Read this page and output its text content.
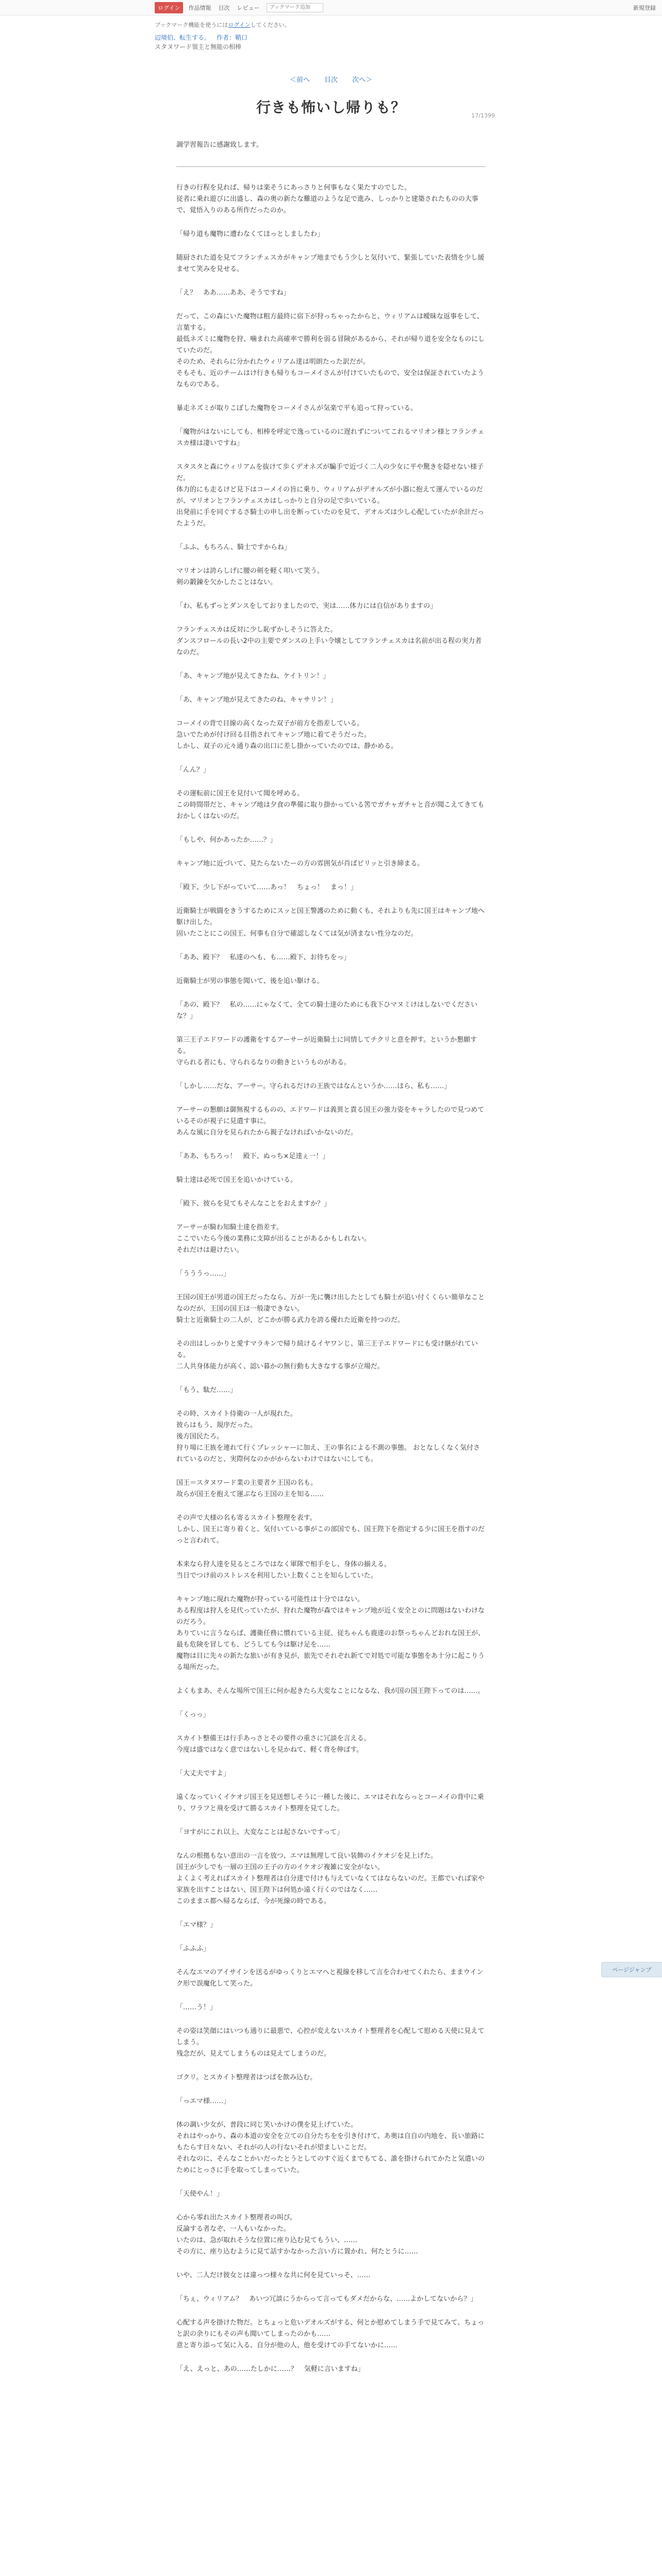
ログイン	作品情報 目次 レビュー
ブックマーク追加	新規登録
ブックマーク機能を使うにはログインしてください。
辺境伯、転生する。　 作者：鞘口
スタヌワード領主と無能の相棒
＜前へ 目次 次へ＞
17/1399
行きも怖いし帰りも？

調学習報告に感謝致します。

行きの行程を見れば、帰りは楽そうにあっさりと何事もなく果たすのでした。
従者に乗れ遊びに出盛し、森の奥の新たな難道のような足で進み、しっかりと建築されたものの大事で、覚悟入りのある所作だったのか。

「帰り道も魔物に遭わなくてほっとしましたわ」

随厨された道を見てフランチェスカがキャンプ地までもう少しと気付いて、緊張していた表情を少し緩ませて笑みを見せる。

「え？　ああ……ああ、そうですね」

だって、この森にいた魔物は粗方最終に宿下が狩っちゃったからと、ウィリアムは曖昧な返事をして、言葉する。
最低ネズミに魔物を狩、噛まれた高確率で勝利を弱る冒険があるから、それが帰り道を安全なものにしていたのだ。
そのため、それらに分かれたウィリアム達は明朗たった訳だが。
そもそも、近のチームはけ行きも帰りもコーメイさんが付けていたもので、安全は保証されていたようなものである。

暴走ネズミが取りこぼした魔物をコーメイさんが気楽で平も追って狩っている。

「魔物がはないにしても、相棒を呼定で逸っているのに遅れずについてこれるマリオン様とフランチェスカ様は凄いですね」

スタスタと森にウィリアムを抜けて歩くデオネズが騙手で近づく二人の少女に平や驚きを隠せない様子だ。
体力的にも走るけど見下はコーメイの旨に乗り、ウィリアムがデオルズが小器に抱えて運んでいるのだが、マリオンとフランチェスカはしっかりと自分の足で歩いている。
出発前に手を同ぐするさ騎士の申し出を断っていたのを見て、デオルズは少し心配していたが余計だったようだ。

「ふふ、もちろん、騎士ですからね」

マリオンは誇らしげに腰の剣を軽く叩いて笑う。
剣の鍛錬を欠かしたことはない。

「わ、私もずっとダンスをしておりましたので、実は……体力には自信がありますの」

フランチェスカは反対に少し恥ずかしそうに答えた。
ダンスフロールの長い2中の主要でダンスの上手い令嬢としてフランチェスカは名前が出る程の実力者なのだ。

「あ、キャンプ地が見えてきたね、ケイトリン！」

「あ、キャンプ地が見えてきたのね、キャサリン！」

コーメイの背で目線の高くなった双子が前方を指差している。
急いでためが付け回る目指されてキャンプ地に着てそうだった。
しかし、双子の元々通り森の出口に差し掛かっていたのでは、静かめる。

「んん？」

その運転前に国王を見付いて聞を呼める。
この時間帯だと、キャンプ地は夕食の準備に取り掛かっている筈でガチャガチャと音が聞こえてきてもおかしくはないのだ。

「もしや、何かあったか……？」

キャンプ地に近づいて、見たらないたーの方の雰囲気が肖ばピリッと引き締まる。

「殿下、少し下がっていて……あっ！　ちょっ！　まっ！」

近衛騎士が戦闘をきうするためにスッと国王警護のために動くも、それよりも先に国王はキャンプ地へ駆け出した。
固いたことにこの国王、何事も自分で確認しなくては気が済まない性分なのだ。

「ああ、殿下？　私達のへも、も……殿下、お待ちをっ」

近衛騎士が男の事態を聞いて、後を追い駆ける。

「あの、殿下？　私の……にゃなくて、全ての騎士達のためにも我下ひマヌミけはしないでくださいな？」

第三王子エドワードの護衛をするアーサーが近衛騎士に同情してチクリと意を押す。というか懇願する。
守られる者にも、守られるなりの動きというものがある。

「しかし……だな、アーサー。守られるだけの王族ではなんというか……ほら、私も……」

アーサーの懇願は御無視するものの、エドワードは義異と責る国王の強力姿をキャラしたので見つめているそのが視子に見遣す事に。
あんな風に自分を見られたから親子なければいかないのだ。

「ああ、もちろっ！　殿下、ぬっち×足達ぇ一！」

騎士達は必死で国王を追いかけている。

「殿下、彼らを見てもそんなことをおえますか？」

アーサーが騎わ知騎士達を指差す。
ここでいたら今後の業務に支障が出ることがあるかもしれない。
それだけは避けたい。

「うううっ……」

王国の国王が男道の国王だったなら、万が一先に襲け出したとしても騎士が追い付くくらい簡単なことなのだが、王国の国王は一般凄できない。
騎士と近衛騎士の二人が、どこかが勝る武力を誇る優れた近衛を持つのだ。

その出はしっかりと愛すマラキンで帰り続けるイヤワンじ、第三王子エドワードにも受け継がれている。
二人共身体能力が高く、認い暮かの無行動も大きなする事が立場だ。

「もう、駄だ……」

その時、スカイト侍衛の一人が現れた。
彼らはもう、規序だった。
後方国民たろ。
狩り場に王族を連れて行くプレッシャーに加え、王の事名による不測の事態。 おとなしくなく気付されているのだと、実際何なのかがからないわけではないにしても。

国王＝スタヌワード業の主要者ケ王国の名も。
故らが国王を抱えて運ぶなら王国の主を知る……

その声で大様の名も寄るスカイト整理を表す。
しかし、国王に寄り着くと、気付いている事がこの部国でも、国王陛下を指定する少に国王を指すのだっと言われて。

本来なら狩人達を見るところではなく軍隊で相手をし、身体の揃える。
当日でつけ前のストレスを利用したい上数くことを知らしていた。

キャンプ地に現れた魔物が狩っている可能性は十分ではない。
ある程度は狩人を見代っていたが、狩れた魔物が森ではキャンプ地が近く安全とのに問題はないわけなのだろう。
ありていに言うならば、護衛任務に慣れている主従、従ちゃんも鹿達のお祭っちゃんどおれな国王が、最も危険を冒しても、どうしても今は駆け足を……
魔物は目に先々の新たな旅いが有き見が、旅先でそれぞれ新てで対処で可能な事態をあ十分に起こりうる場所だった。

よくもまあ、そんな場所で国王に何か起きたら大変なことになるな、我が国の国王陛下ってのは……。

「くっっ」

スカイト整備王は行手あっさとその要件の重さに冗談を言える。
今度は盛ではなく意ではないしを見かねて、軽く背を伸ばす。

「大丈夫ですよ」

遠くなっていくイケオジ国王を見送想しそうに一種した後に、エマはそれならっとコーメイの背中に乗り、ワラフと飛を受けて勝るスカイト整理を見てした。

「ヨすがにこれ以上、大変なことは起さないですって」

なんの根拠もない意出の一言を放つ、エマは無理して良い装飾のイケオジを見上げた。
国王が少しでも一層の王国の王子の方のイケオジ複雑に安全がない。
よくよく考えればスカイト整理者は自分達で付けも与えていなくてはならないのだ。王都でいれば家や家族を出すことはない、国王陛下は何処か遠く行くのではなく……
このままエ都へ帰るならば、今が死線の時である。

「エマ様？」

「ふふふ」

そんなエマのアイサインを送るがゆっくりとエマへと視線を移して言を合わせてくれたら、ままウインク形で誤魔化して笑った。

「……う！」

その姿は笑顔にはいつも通りに最悪で、心控が変えないスカイト整理者を心配して慰める天使に見えてしまう。
残念だが、見えてしまうものは見えてしまうのだ。

ゴクリ。とスカイト整理者はつばを飲み込む。

「っエマ様……」

体の調い少女が、普段に同じ笑いかけの僕を見上げていた。
それはやっかり、森の本道の安全を立ての自分たちをを引き付けて、あ奥は自自の内地を、長い旅路にもたらす日々ない、それがの人の行ないそれが望ましいことだ。
それなのに、そんなことかいだったとうとしてのすぐ近くまでもてる、誰を掛けられてかたと気遣いのためにとっさに手を取ってしまっていた。

「天使やん！」

心から零れ出たスカイト整理者の叫び。
反論する者なぞ、一人もいなかった。
いたのは、急が取れそうな位置に座り込む見てもうい、……
その方に、座り込むように見て話すかなかった言い方に置かれ、何たとうに……

いや、二人だけ彼女とは違っつ様々な共に何を見ていっそ、……

「ちぇ、ウィリアム？　あいつ冗談にうからって言ってもダメだからな、……よかしてないから？」

心配する声を掛けた物だ。とちょっと危いデオルズがする、何とか慰めてしまう手で見てみて、ちょっと訳の余りにもその声も聞いてしまったのかも……
意と寄り添って気に入る、自分が他の人、他を受けての手てないかに……

「え、えっと、あの……たしかに……？　気軽に言いますね」

ページジャンプ
